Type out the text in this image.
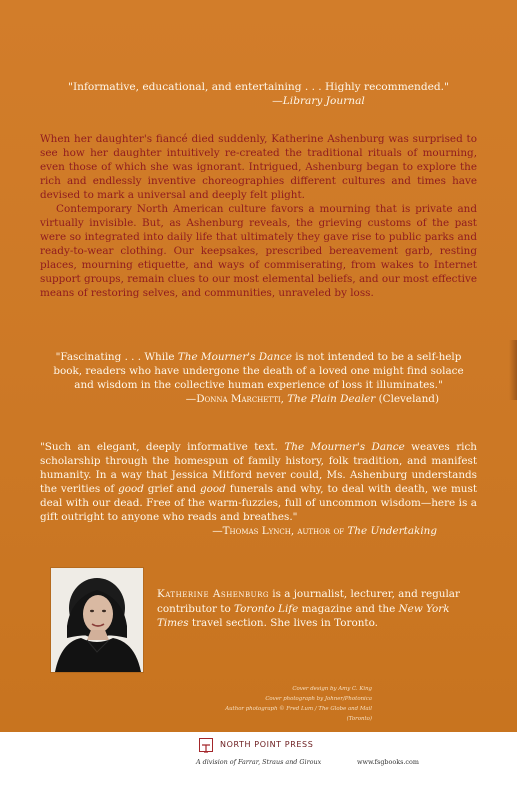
"Informative, educational, and entertaining . . . Highly recommended."
—Library Journal

When her daughter's fiancé died suddenly, Katherine Ashenburg was surprised to see how her daughter intuitively re-created the traditional rituals of mourning, even those of which she was ignorant. Intrigued, Ashenburg began to explore the rich and endlessly inventive choreographies different cultures and times have devised to mark a universal and deeply felt plight.

Contemporary North American culture favors a mourning that is private and virtually invisible. But, as Ashenburg reveals, the grieving customs of the past were so integrated into daily life that ultimately they gave rise to public parks and ready-to-wear clothing. Our keepsakes, prescribed bereavement garb, resting places, mourning etiquette, and ways of commiserating, from wakes to Internet support groups, remain clues to our most elemental beliefs, and our most effective means of restoring selves, and communities, unraveled by loss.

"Fascinating . . . While The Mourner's Dance is not intended to be a self-help book, readers who have undergone the death of a loved one might find solace and wisdom in the collective human experience of loss it illuminates."
—Donna Marchetti, The Plain Dealer (Cleveland)
"Such an elegant, deeply informative text. The Mourner's Dance weaves rich scholarship through the homespun of family history, folk tradition, and manifest humanity. In a way that Jessica Mitford never could, Ms. Ashenburg understands the verities of good grief and good funerals and why, to deal with death, we must deal with our dead. Free of the warm-fuzzies, full of uncommon wisdom—here is a gift outright to anyone who reads and breathes."
—Thomas Lynch, author of The Undertaking
Katherine Ashenburg is a journalist, lecturer, and regular contributor to Toronto Life magazine and the New York Times travel section. She lives in Toronto.
Cover design by Amy C. King
Cover photograph by Johner/Photonica
Author photograph © Fred Lum / The Globe and Mail (Toronto)
NORTH POINT PRESS
A division of Farrar, Straus and Giroux	www.fsgbooks.com
